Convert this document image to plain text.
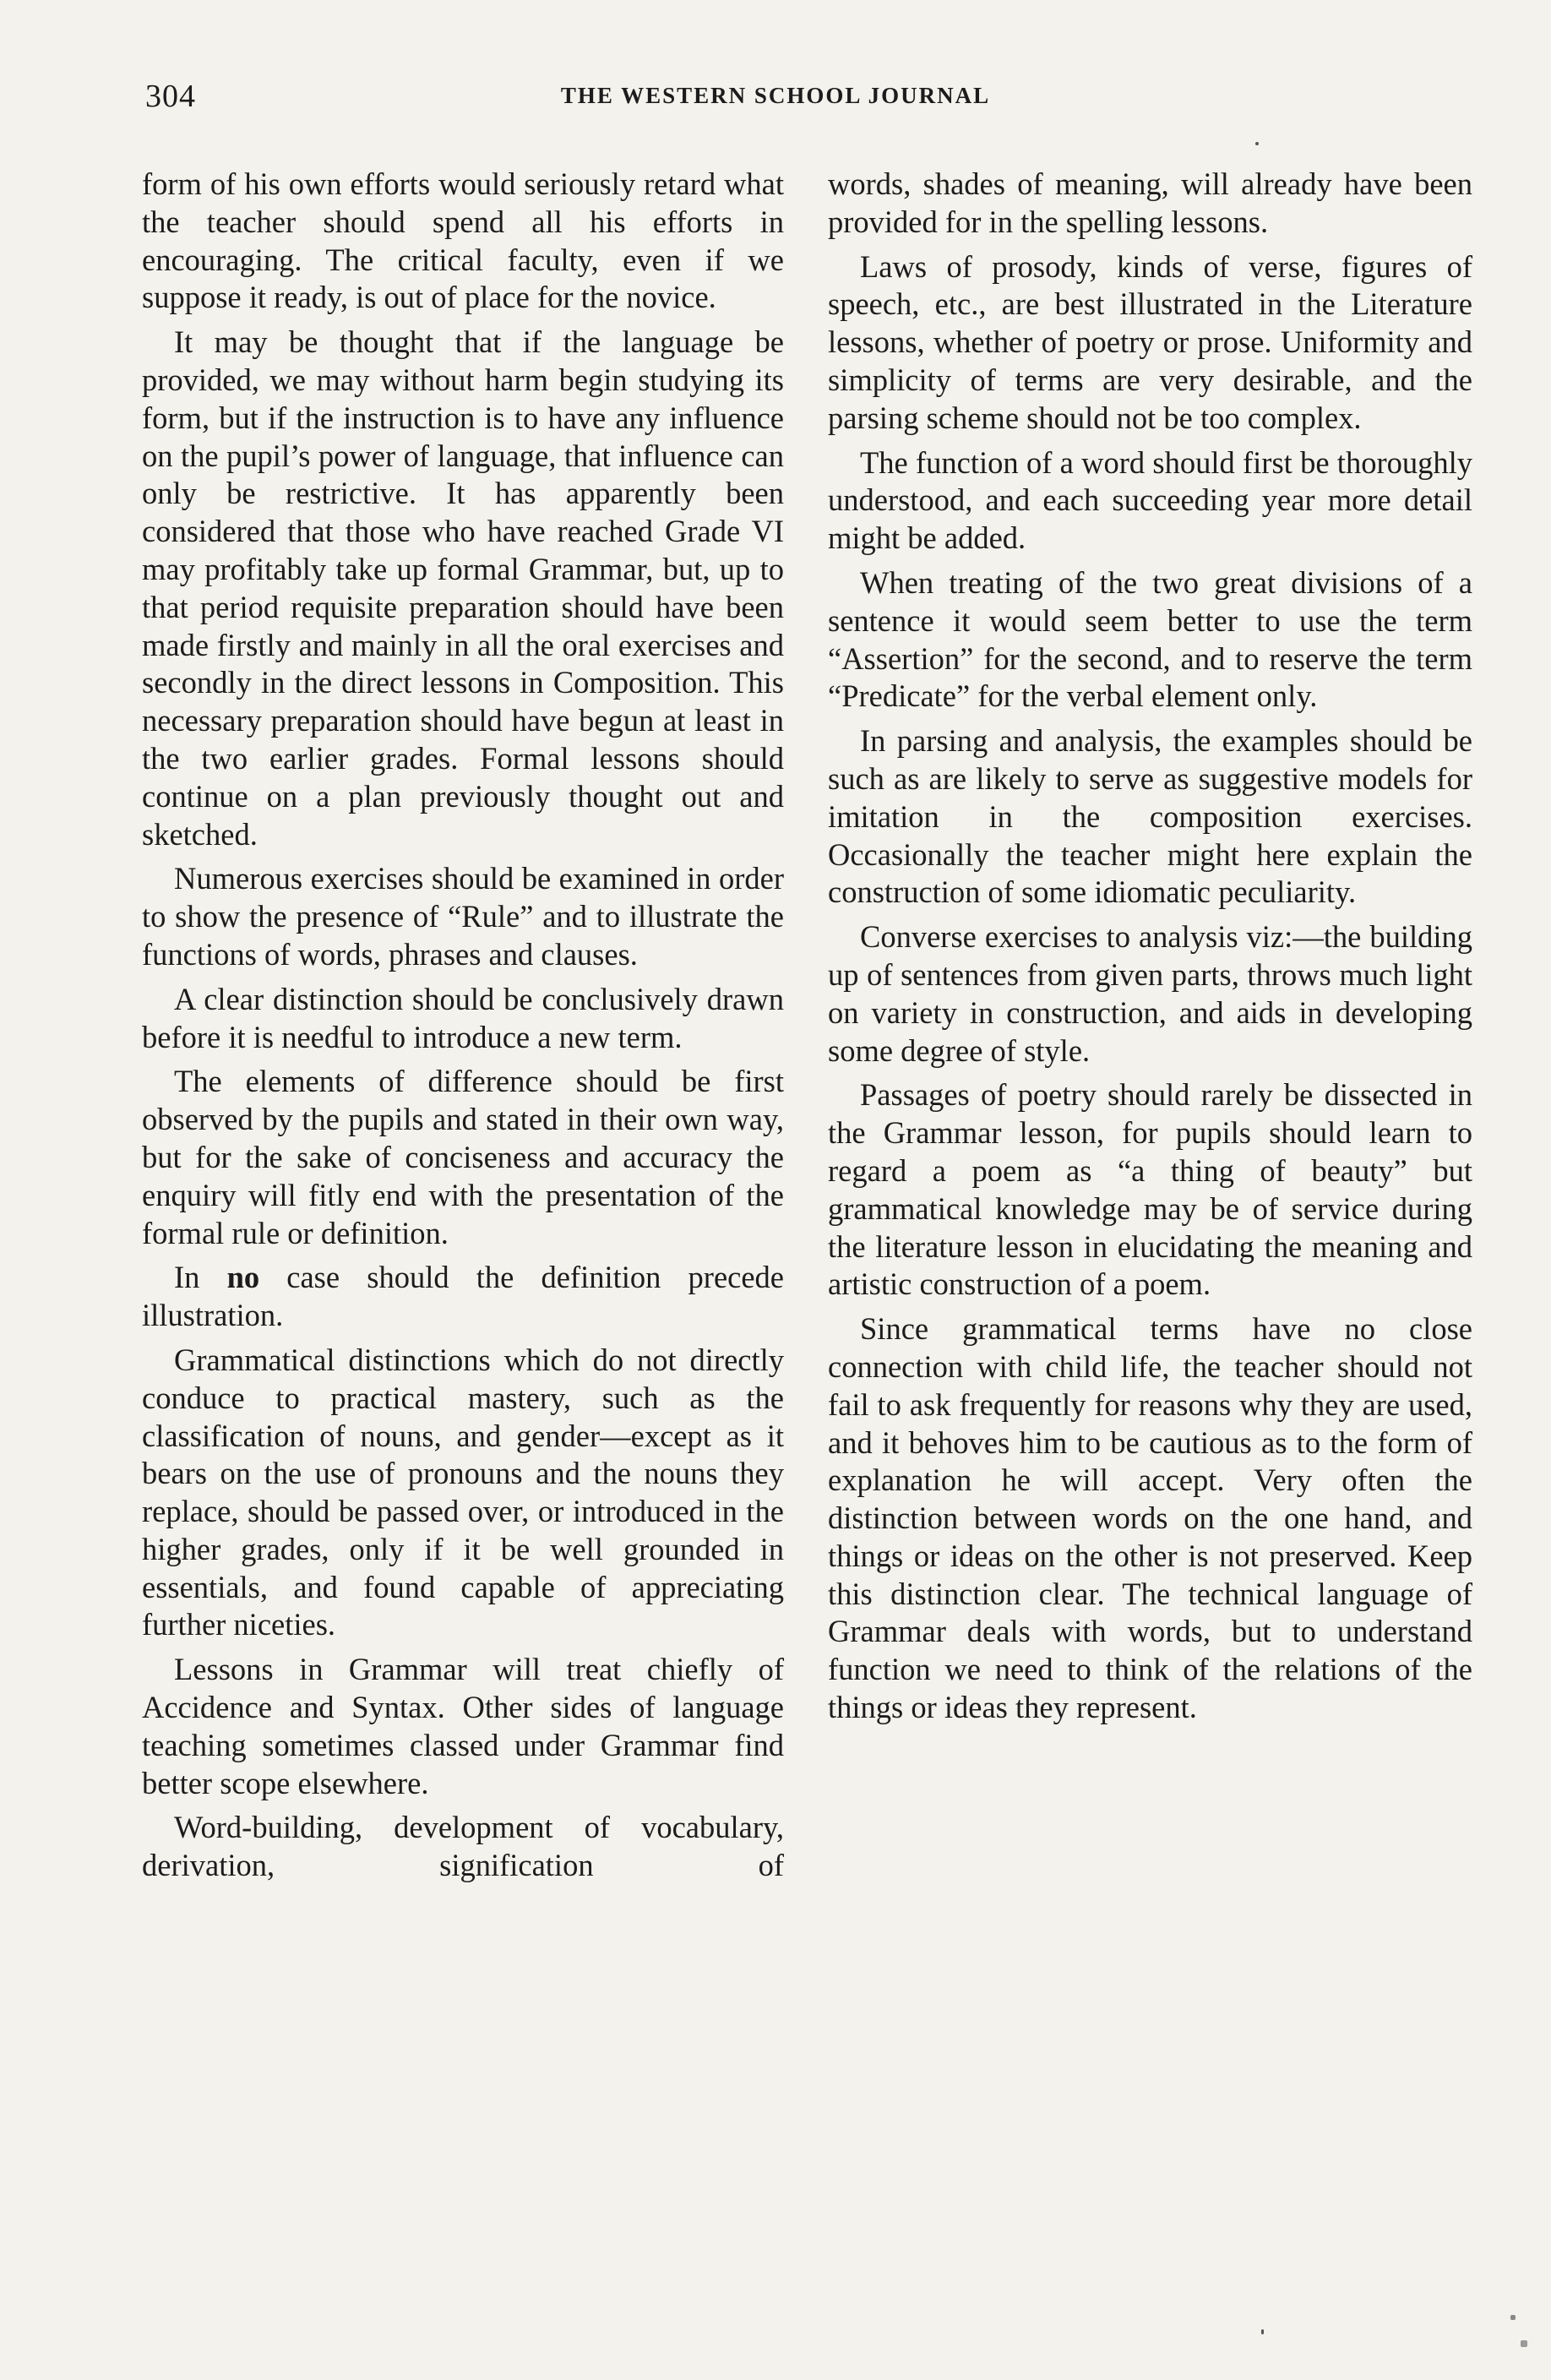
304	THE WESTERN SCHOOL JOURNAL

form of his own efforts would seriously retard what the teacher should spend all his efforts in encouraging. The critical faculty, even if we suppose it ready, is out of place for the novice.

It may be thought that if the language be provided, we may without harm begin studying its form, but if the instruction is to have any influence on the pupil’s power of language, that influence can only be restrictive. It has apparently been considered that those who have reached Grade VI may profitably take up formal Grammar, but, up to that period requisite preparation should have been made firstly and mainly in all the oral exercises and secondly in the direct lessons in Composition. This necessary preparation should have begun at least in the two earlier grades. Formal lessons should continue on a plan previously thought out and sketched.

Numerous exercises should be examined in order to show the presence of “Rule” and to illustrate the functions of words, phrases and clauses.

A clear distinction should be conclusively drawn before it is needful to introduce a new term.

The elements of difference should be first observed by the pupils and stated in their own way, but for the sake of conciseness and accuracy the enquiry will fitly end with the presentation of the formal rule or definition.

In no case should the definition precede illustration.

Grammatical distinctions which do not directly conduce to practical mastery, such as the classification of nouns, and gender—except as it bears on the use of pronouns and the nouns they replace, should be passed over, or introduced in the higher grades, only if it be well grounded in essentials, and found capable of appreciating further niceties.

Lessons in Grammar will treat chiefly of Accidence and Syntax. Other sides of language teaching sometimes classed under Grammar find better scope elsewhere.

Word-building, development of vocabulary, derivation, signification of

words, shades of meaning, will already have been provided for in the spelling lessons.

Laws of prosody, kinds of verse, figures of speech, etc., are best illustrated in the Literature lessons, whether of poetry or prose. Uniformity and simplicity of terms are very desirable, and the parsing scheme should not be too complex.

The function of a word should first be thoroughly understood, and each succeeding year more detail might be added.

When treating of the two great divisions of a sentence it would seem better to use the term “Assertion” for the second, and to reserve the term “Predicate” for the verbal element only.

In parsing and analysis, the examples should be such as are likely to serve as suggestive models for imitation in the composition exercises. Occasionally the teacher might here explain the construction of some idiomatic peculiarity.

Converse exercises to analysis viz:—the building up of sentences from given parts, throws much light on variety in construction, and aids in developing some degree of style.

Passages of poetry should rarely be dissected in the Grammar lesson, for pupils should learn to regard a poem as “a thing of beauty” but grammatical knowledge may be of service during the literature lesson in elucidating the meaning and artistic construction of a poem.

Since grammatical terms have no close connection with child life, the teacher should not fail to ask frequently for reasons why they are used, and it behoves him to be cautious as to the form of explanation he will accept. Very often the distinction between words on the one hand, and things or ideas on the other is not preserved. Keep this distinction clear. The technical language of Grammar deals with words, but to understand function we need to think of the relations of the things or ideas they represent.
